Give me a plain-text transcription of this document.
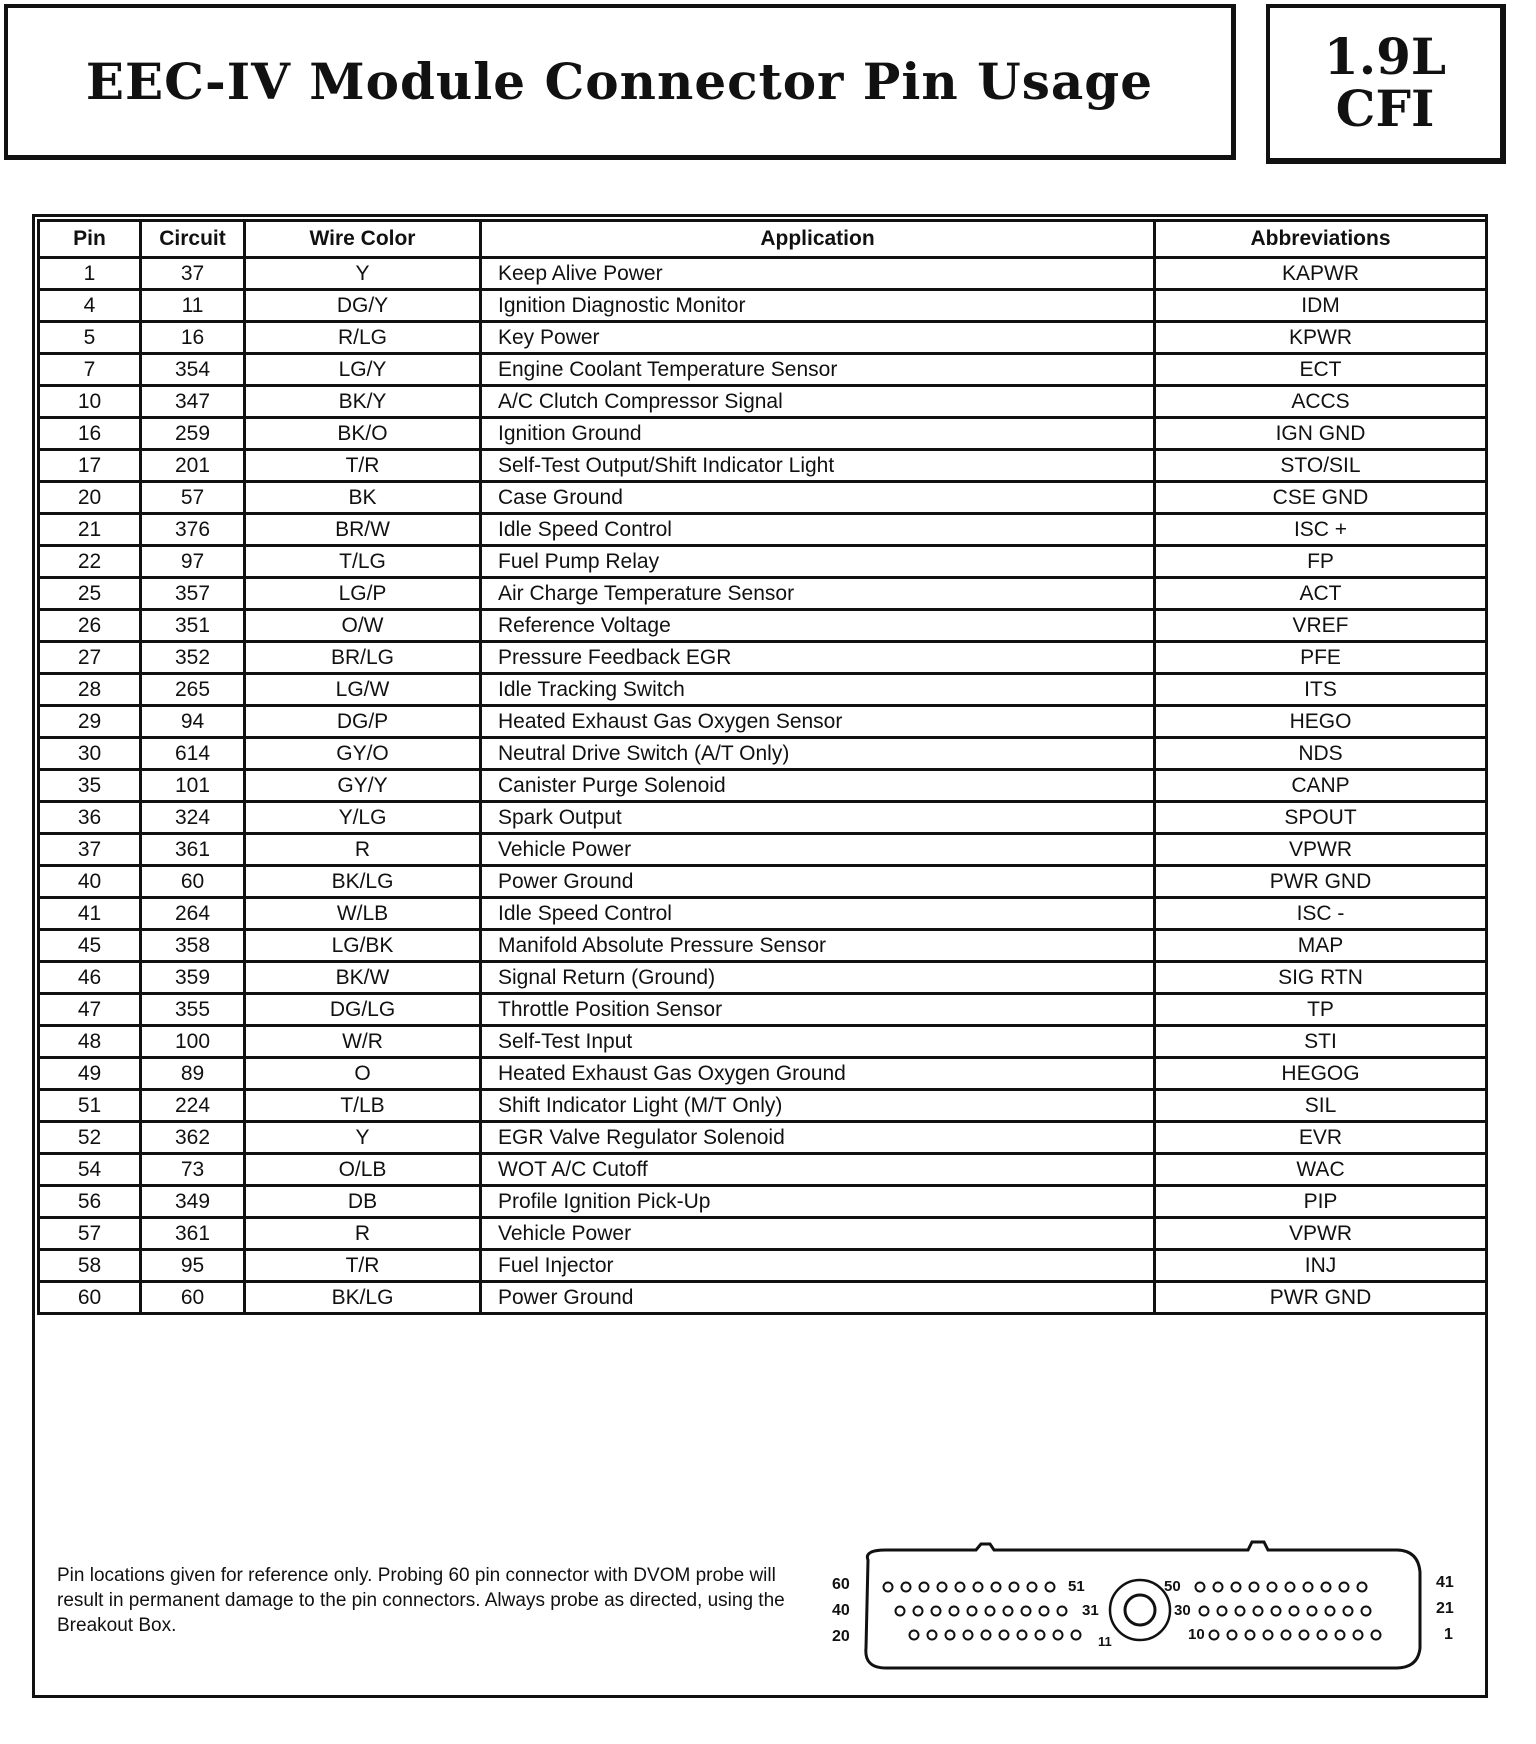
EEC-IV Module Connector Pin Usage	1.9L
CFI
Pin	Circuit	Wire Color	Application	Abbreviations
1	37	Y	Keep Alive Power	KAPWR
4	11	DG/Y	Ignition Diagnostic Monitor	IDM
5	16	R/LG	Key Power	KPWR
7	354	LG/Y	Engine Coolant Temperature Sensor	ECT
10	347	BK/Y	A/C Clutch Compressor Signal	ACCS
16	259	BK/O	Ignition Ground	IGN GND
17	201	T/R	Self-Test Output/Shift Indicator Light	STO/SIL
20	57	BK	Case Ground	CSE GND
21	376	BR/W	Idle Speed Control	ISC +
22	97	T/LG	Fuel Pump Relay	FP
25	357	LG/P	Air Charge Temperature Sensor	ACT
26	351	O/W	Reference Voltage	VREF
27	352	BR/LG	Pressure Feedback EGR	PFE
28	265	LG/W	Idle Tracking Switch	ITS
29	94	DG/P	Heated Exhaust Gas Oxygen Sensor	HEGO
30	614	GY/O	Neutral Drive Switch (A/T Only)	NDS
35	101	GY/Y	Canister Purge Solenoid	CANP
36	324	Y/LG	Spark Output	SPOUT
37	361	R	Vehicle Power	VPWR
40	60	BK/LG	Power Ground	PWR GND
41	264	W/LB	Idle Speed Control	ISC -
45	358	LG/BK	Manifold Absolute Pressure Sensor	MAP
46	359	BK/W	Signal Return (Ground)	SIG RTN
47	355	DG/LG	Throttle Position Sensor	TP
48	100	W/R	Self-Test Input	STI
49	89	O	Heated Exhaust Gas Oxygen Ground	HEGOG
51	224	T/LB	Shift Indicator Light (M/T Only)	SIL
52	362	Y	EGR Valve Regulator Solenoid	EVR
54	73	O/LB	WOT A/C Cutoff	WAC
56	349	DB	Profile Ignition Pick-Up	PIP
57	361	R	Vehicle Power	VPWR
58	95	T/R	Fuel Injector	INJ
60	60	BK/LG	Power Ground	PWR GND
Pin locations given for reference only. Probing 60 pin connector with DVOM probe will result in permanent damage to the pin connectors. Always probe as directed, using the Breakout Box.
60
40
20
41
21
1
51
31
11
50
30
10
